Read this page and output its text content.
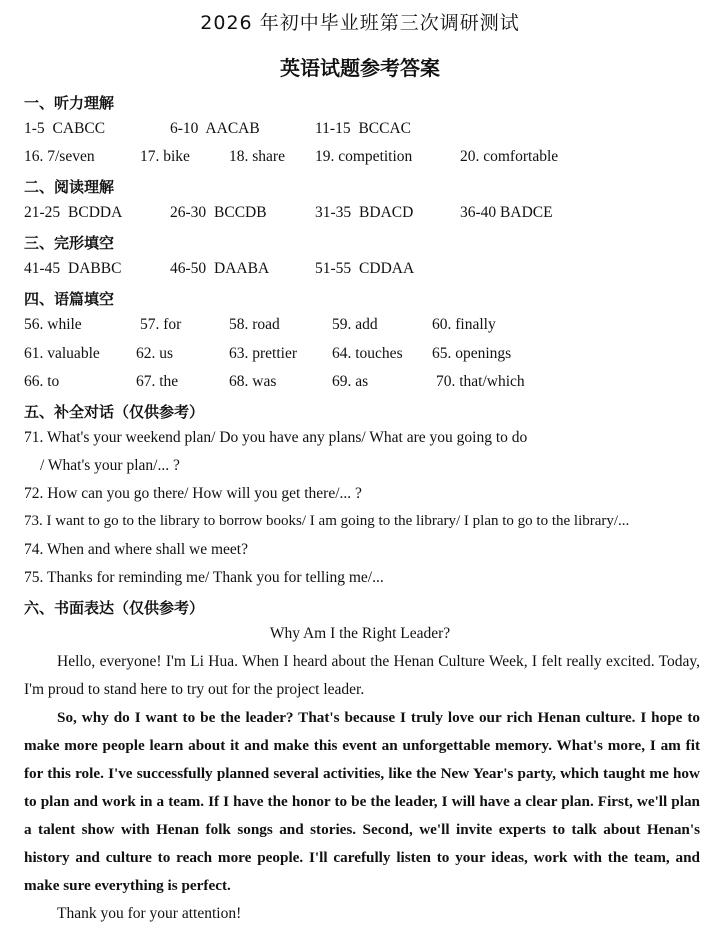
2026 年初中毕业班第三次调研测试
英语试题参考答案
一、听力理解
1-5 CABCC	6-10 AACAB	11-15 BCCAC
16. 7/seven	17. bike	18. share 19. competition	20. comfortable
二、阅读理解
21-25 BCDDA	26-30 BCCDB	31-35 BDACD	36-40 BADCE
三、完形填空
41-45 DABBC	46-50 DAABA	51-55 CDDAA
四、语篇填空
56. while	57. for	58. road	59. add	60. finally
61. valuable 62. us	63. prettier 64. touches 65. openings
66. to	67. the	68. was	69. as	70. that/which
五、补全对话（仅供参考）
71. What's your weekend plan/ Do you have any plans/ What are you going to do
/ What's your plan/... ?
72. How can you go there/ How will you get there/... ?
73. I want to go to the library to borrow books/ I am going to the library/ I plan to go to the library/...
74. When and where shall we meet?
75. Thanks for reminding me/ Thank you for telling me/...
六、书面表达（仅供参考）
Why Am I the Right Leader?
Hello, everyone! I'm Li Hua. When I heard about the Henan Culture Week, I felt really excited. Today, I'm proud to stand here to try out for the project leader.
So, why do I want to be the leader? That's because I truly love our rich Henan culture. I hope to make more people learn about it and make this event an unforgettable memory. What's more, I am fit for this role. I've successfully planned several activities, like the New Year's party, which taught me how to plan and work in a team. If I have the honor to be the leader, I will have a clear plan. First, we'll plan a talent show with Henan folk songs and stories. Second, we'll invite experts to talk about Henan's history and culture to reach more people. I'll carefully listen to your ideas, work with the team, and make sure everything is perfect.
Thank you for your attention!
